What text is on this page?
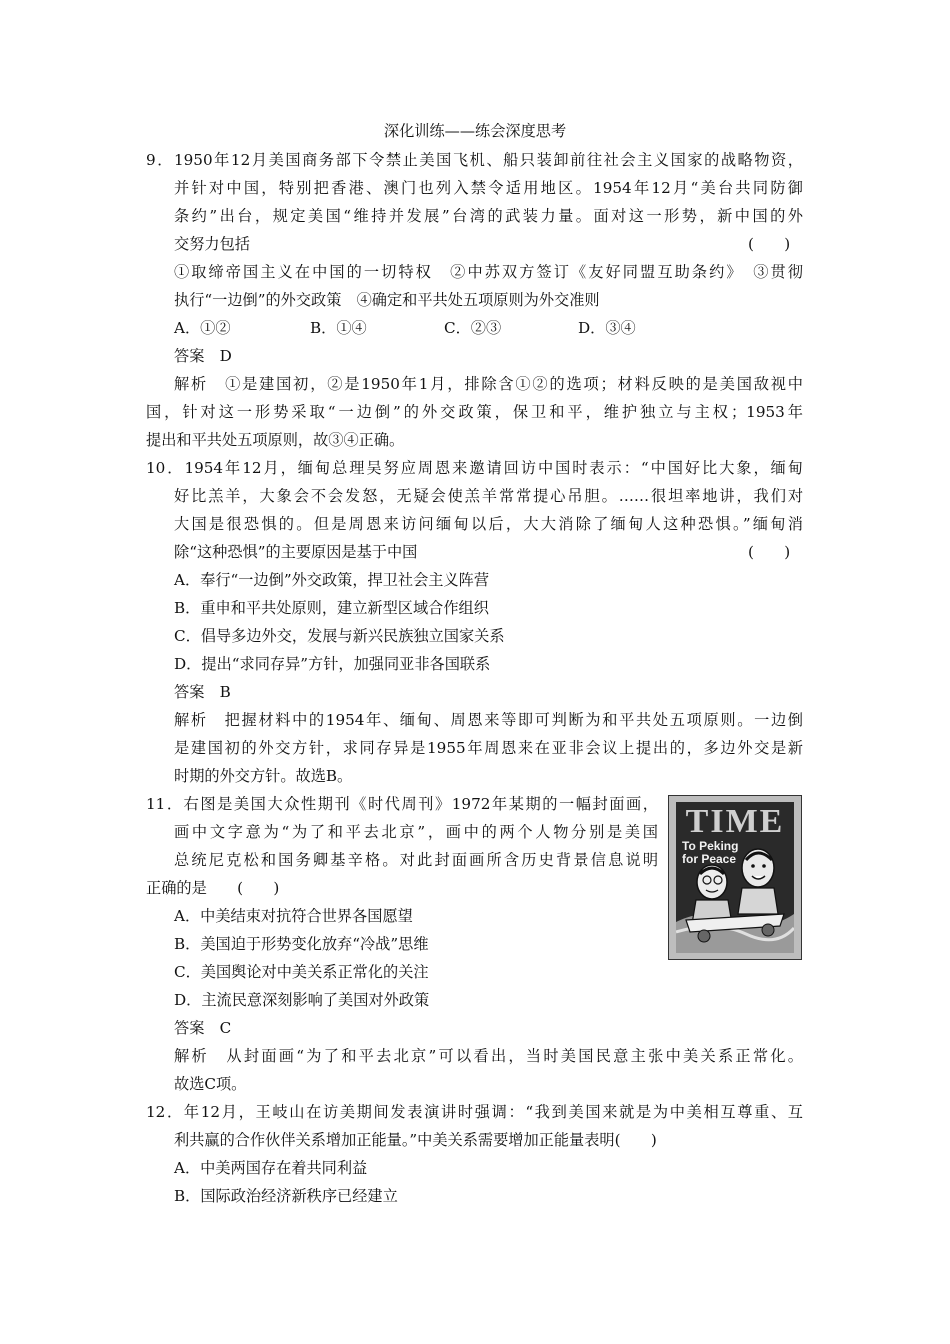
深化训练——练会深度思考
9．1950年12月美国商务部下令禁止美国飞机、船只装卸前往社会主义国家的战略物资，
并针对中国，特别把香港、澳门也列入禁令适用地区。1954年12月“美台共同防御
条约”出台，规定美国“维持并发展”台湾的武装力量。面对这一形势，新中国的外
交努力包括	(　　)
①取缔帝国主义在中国的一切特权　②中苏双方签订《友好同盟互助条约》　③贯彻
执行“一边倒”的外交政策　④确定和平共处五项原则为外交准则
A．①②	B．①④	C．②③	D．③④
答案　D
解析　①是建国初，②是1950年1月，排除含①②的选项；材料反映的是美国敌视中
国，针对这一形势采取“一边倒”的外交政策，保卫和平，维护独立与主权；1953年
提出和平共处五项原则，故③④正确。
10．1954年12月，缅甸总理吴努应周恩来邀请回访中国时表示：“中国好比大象，缅甸
好比羔羊，大象会不会发怒，无疑会使羔羊常常提心吊胆。……很坦率地讲，我们对
大国是很恐惧的。但是周恩来访问缅甸以后，大大消除了缅甸人这种恐惧。”缅甸消
除“这种恐惧”的主要原因是基于中国	(　　)
A．奉行“一边倒”外交政策，捍卫社会主义阵营
B．重申和平共处原则，建立新型区域合作组织
C．倡导多边外交，发展与新兴民族独立国家关系
D．提出“求同存异”方针，加强同亚非各国联系
答案　B
解析　把握材料中的1954年、缅甸、周恩来等即可判断为和平共处五项原则。一边倒
是建国初的外交方针，求同存异是1955年周恩来在亚非会议上提出的，多边外交是新
时期的外交方针。故选B。
11．右图是美国大众性期刊《时代周刊》1972年某期的一幅封面画，
画中文字意为“为了和平去北京”，画中的两个人物分别是美国
总统尼克松和国务卿基辛格。对此封面画所含历史背景信息说明
正确的是　　(　　)
A．中美结束对抗符合世界各国愿望
B．美国迫于形势变化放弃“冷战”思维
C．美国舆论对中美关系正常化的关注
D．主流民意深刻影响了美国对外政策
答案　C
解析　从封面画“为了和平去北京”可以看出，当时美国民意主张中美关系正常化。
故选C项。
TIME
To Peking
for Peace
12．年12月，王岐山在访美期间发表演讲时强调：“我到美国来就是为中美相互尊重、互
利共赢的合作伙伴关系增加正能量。”中美关系需要增加正能量表明(　　)
A．中美两国存在着共同利益
B．国际政治经济新秩序已经建立
